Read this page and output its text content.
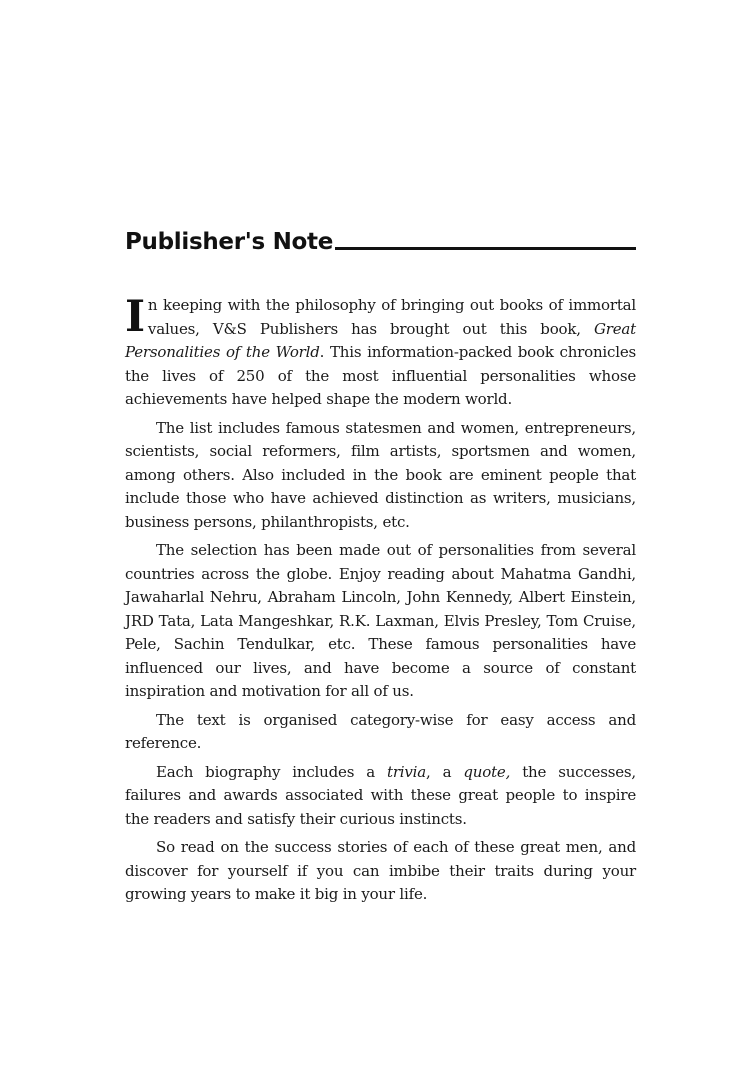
Publisher's Note

In keeping with the philosophy of bringing out books of immortal values, V&S Publishers has brought out this book, Great Personalities of the World. This information-packed book chronicles the lives of 250 of the most influential personalities whose achievements have helped shape the modern world.

The list includes famous statesmen and women, entrepreneurs, scientists, social reformers, film artists, sportsmen and women, among others. Also included in the book are eminent people that include those who have achieved distinction as writers, musicians, business persons, philanthropists, etc.

The selection has been made out of personalities from several countries across the globe. Enjoy reading about Mahatma Gandhi, Jawaharlal Nehru, Abraham Lincoln, John Kennedy, Albert Einstein, JRD Tata, Lata Mangeshkar, R.K. Laxman, Elvis Presley, Tom Cruise, Pele, Sachin Tendulkar, etc. These famous personalities have influenced our lives, and have become a source of constant inspiration and motivation for all of us.

The text is organised category-wise for easy access and reference.

Each biography includes a trivia, a quote, the successes, failures and awards associated with these great people to inspire the readers and satisfy their curious instincts.

So read on the success stories of each of these great men, and discover for yourself if you can imbibe their traits during your growing years to make it big in your life.
